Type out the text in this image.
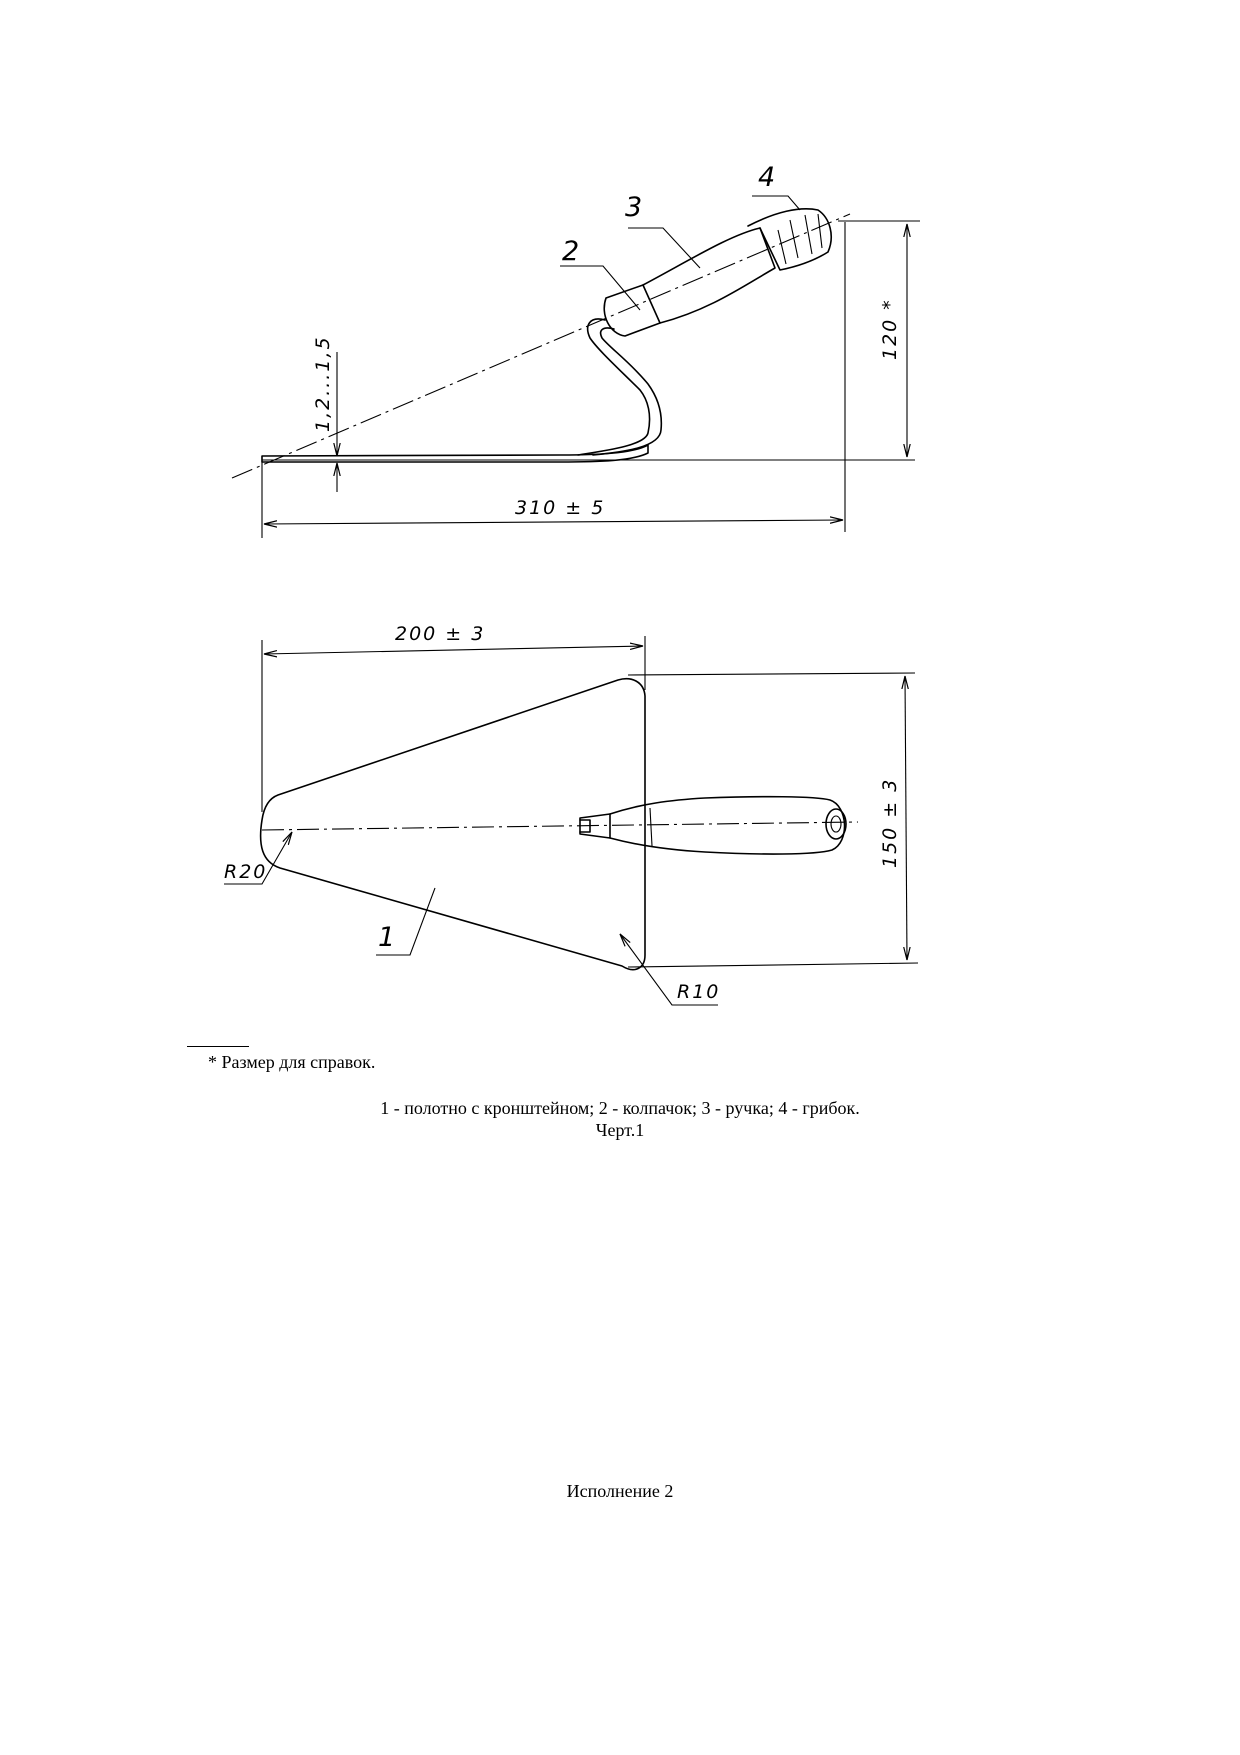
2
3
4
1,2...1,5
310 ± 5
120 *
200 ± 3
150 ± 3
R20
R10
1
* Размер для справок.
1 - полотно с кронштейном; 2 - колпачок; 3 - ручка; 4 - грибок.
Черт.1
Исполнение 2
